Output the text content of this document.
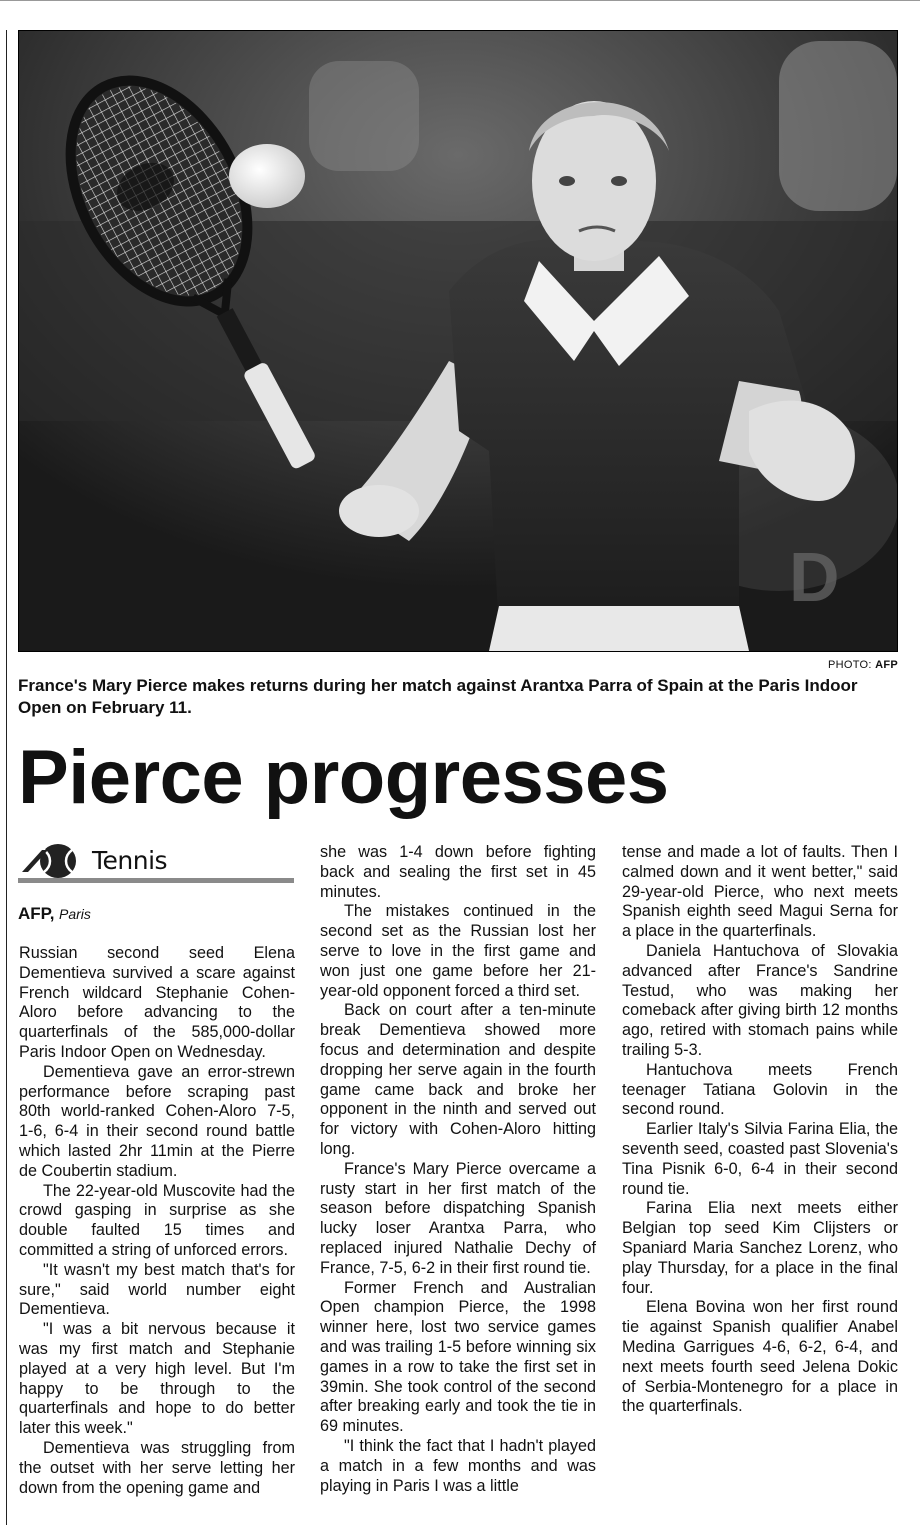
D
PHOTO: AFP
France's Mary Pierce makes returns during her match against Arantxa Parra of Spain at the Paris Indoor Open on February 11.
Pierce progresses
Tennis
AFP, Paris

Russian second seed Elena Dementieva survived a scare against French wildcard Stephanie Cohen-Aloro before advancing to the quarterfinals of the 585,000-dollar Paris Indoor Open on Wednesday.

Dementieva gave an error-strewn performance before scraping past 80th world-ranked Cohen-Aloro 7-5, 1-6, 6-4 in their second round battle which lasted 2hr 11min at the Pierre de Coubertin stadium.

The 22-year-old Muscovite had the crowd gasping in surprise as she double faulted 15 times and committed a string of unforced errors.

"It wasn't my best match that's for sure," said world number eight Dementieva.

"I was a bit nervous because it was my first match and Stephanie played at a very high level. But I'm happy to be through to the quarterfinals and hope to do better later this week."

Dementieva was struggling from the outset with her serve letting her down from the opening game and

she was 1-4 down before fighting back and sealing the first set in 45 minutes.

The mistakes continued in the second set as the Russian lost her serve to love in the first game and won just one game before her 21-year-old opponent forced a third set.

Back on court after a ten-minute break Dementieva showed more focus and determination and despite dropping her serve again in the fourth game came back and broke her opponent in the ninth and served out for victory with Cohen-Aloro hitting long.

France's Mary Pierce overcame a rusty start in her first match of the season before dispatching Spanish lucky loser Arantxa Parra, who replaced injured Nathalie Dechy of France, 7-5, 6-2 in their first round tie.

Former French and Australian Open champion Pierce, the 1998 winner here, lost two service games and was trailing 1-5 before winning six games in a row to take the first set in 39min. She took control of the second after breaking early and took the tie in 69 minutes.

"I think the fact that I hadn't played a match in a few months and was playing in Paris I was a little

tense and made a lot of faults. Then I calmed down and it went better," said 29-year-old Pierce, who next meets Spanish eighth seed Magui Serna for a place in the quarterfinals.

Daniela Hantuchova of Slovakia advanced after France's Sandrine Testud, who was making her comeback after giving birth 12 months ago, retired with stomach pains while trailing 5-3.

Hantuchova meets French teenager Tatiana Golovin in the second round.

Earlier Italy's Silvia Farina Elia, the seventh seed, coasted past Slovenia's Tina Pisnik 6-0, 6-4 in their second round tie.

Farina Elia next meets either Belgian top seed Kim Clijsters or Spaniard Maria Sanchez Lorenz, who play Thursday, for a place in the final four.

Elena Bovina won her first round tie against Spanish qualifier Anabel Medina Garrigues 4-6, 6-2, 6-4, and next meets fourth seed Jelena Dokic of Serbia-Montenegro for a place in the quarterfinals.
